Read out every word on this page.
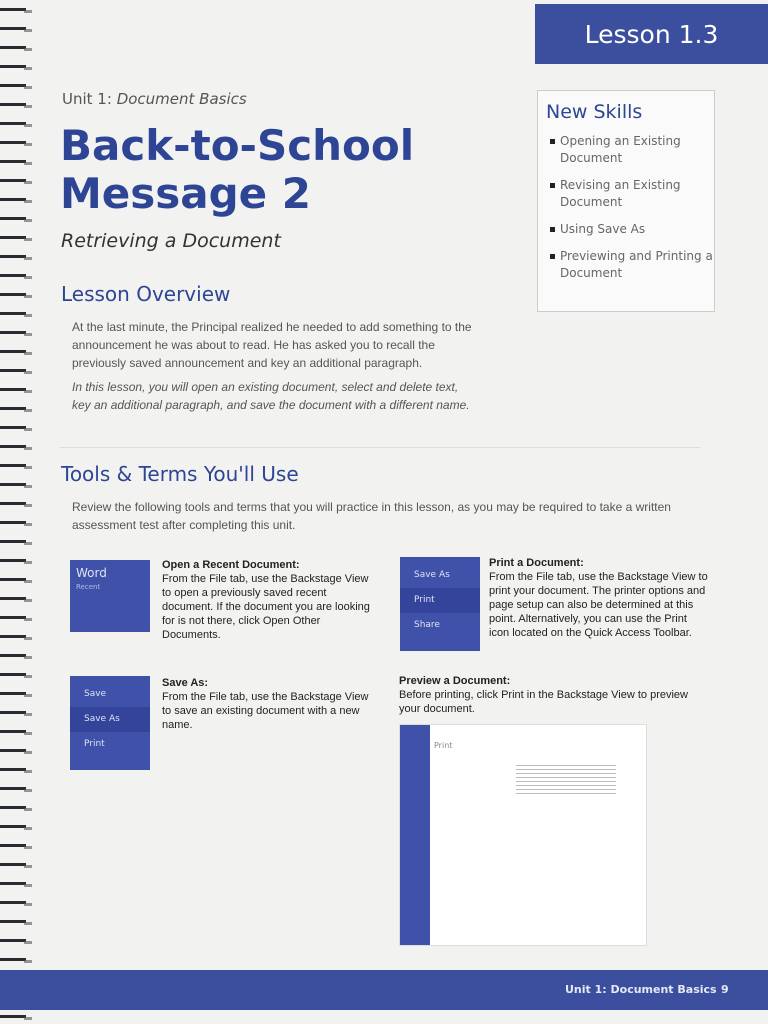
Lesson 1.3
Unit 1: Document Basics
Back-to-School
Message 2
Retrieving a Document
New Skills
Opening an Existing Document
Revising an Existing Document
Using Save As
Previewing and Printing a Document
Lesson Overview
At the last minute, the Principal realized he needed to add something to the announcement he was about to read. He has asked you to recall the previously saved announcement and key an additional paragraph.
In this lesson, you will open an existing document, select and delete text, key an additional paragraph, and save the document with a different name.
Tools & Terms You'll Use
Review the following tools and terms that you will practice in this lesson, as you may be required to take a written assessment test after completing this unit.
Word
Recent
Open a Recent Document:
From the File tab, use the Backstage View to open a previously saved recent document. If the document you are looking for is not there, click Open Other Documents.
Save
Save As
Print
Save As:
From the File tab, use the Backstage View to save an existing document with a new name.
Save As
Print
Share
Print a Document:
From the File tab, use the Backstage View to print your document. The printer options and page setup can also be determined at this point. Alternatively, you can use the Print icon located on the Quick Access Toolbar.
Preview a Document:
Before printing, click Print in the Backstage View to preview your document.
Print
Unit 1: Document Basics 9
